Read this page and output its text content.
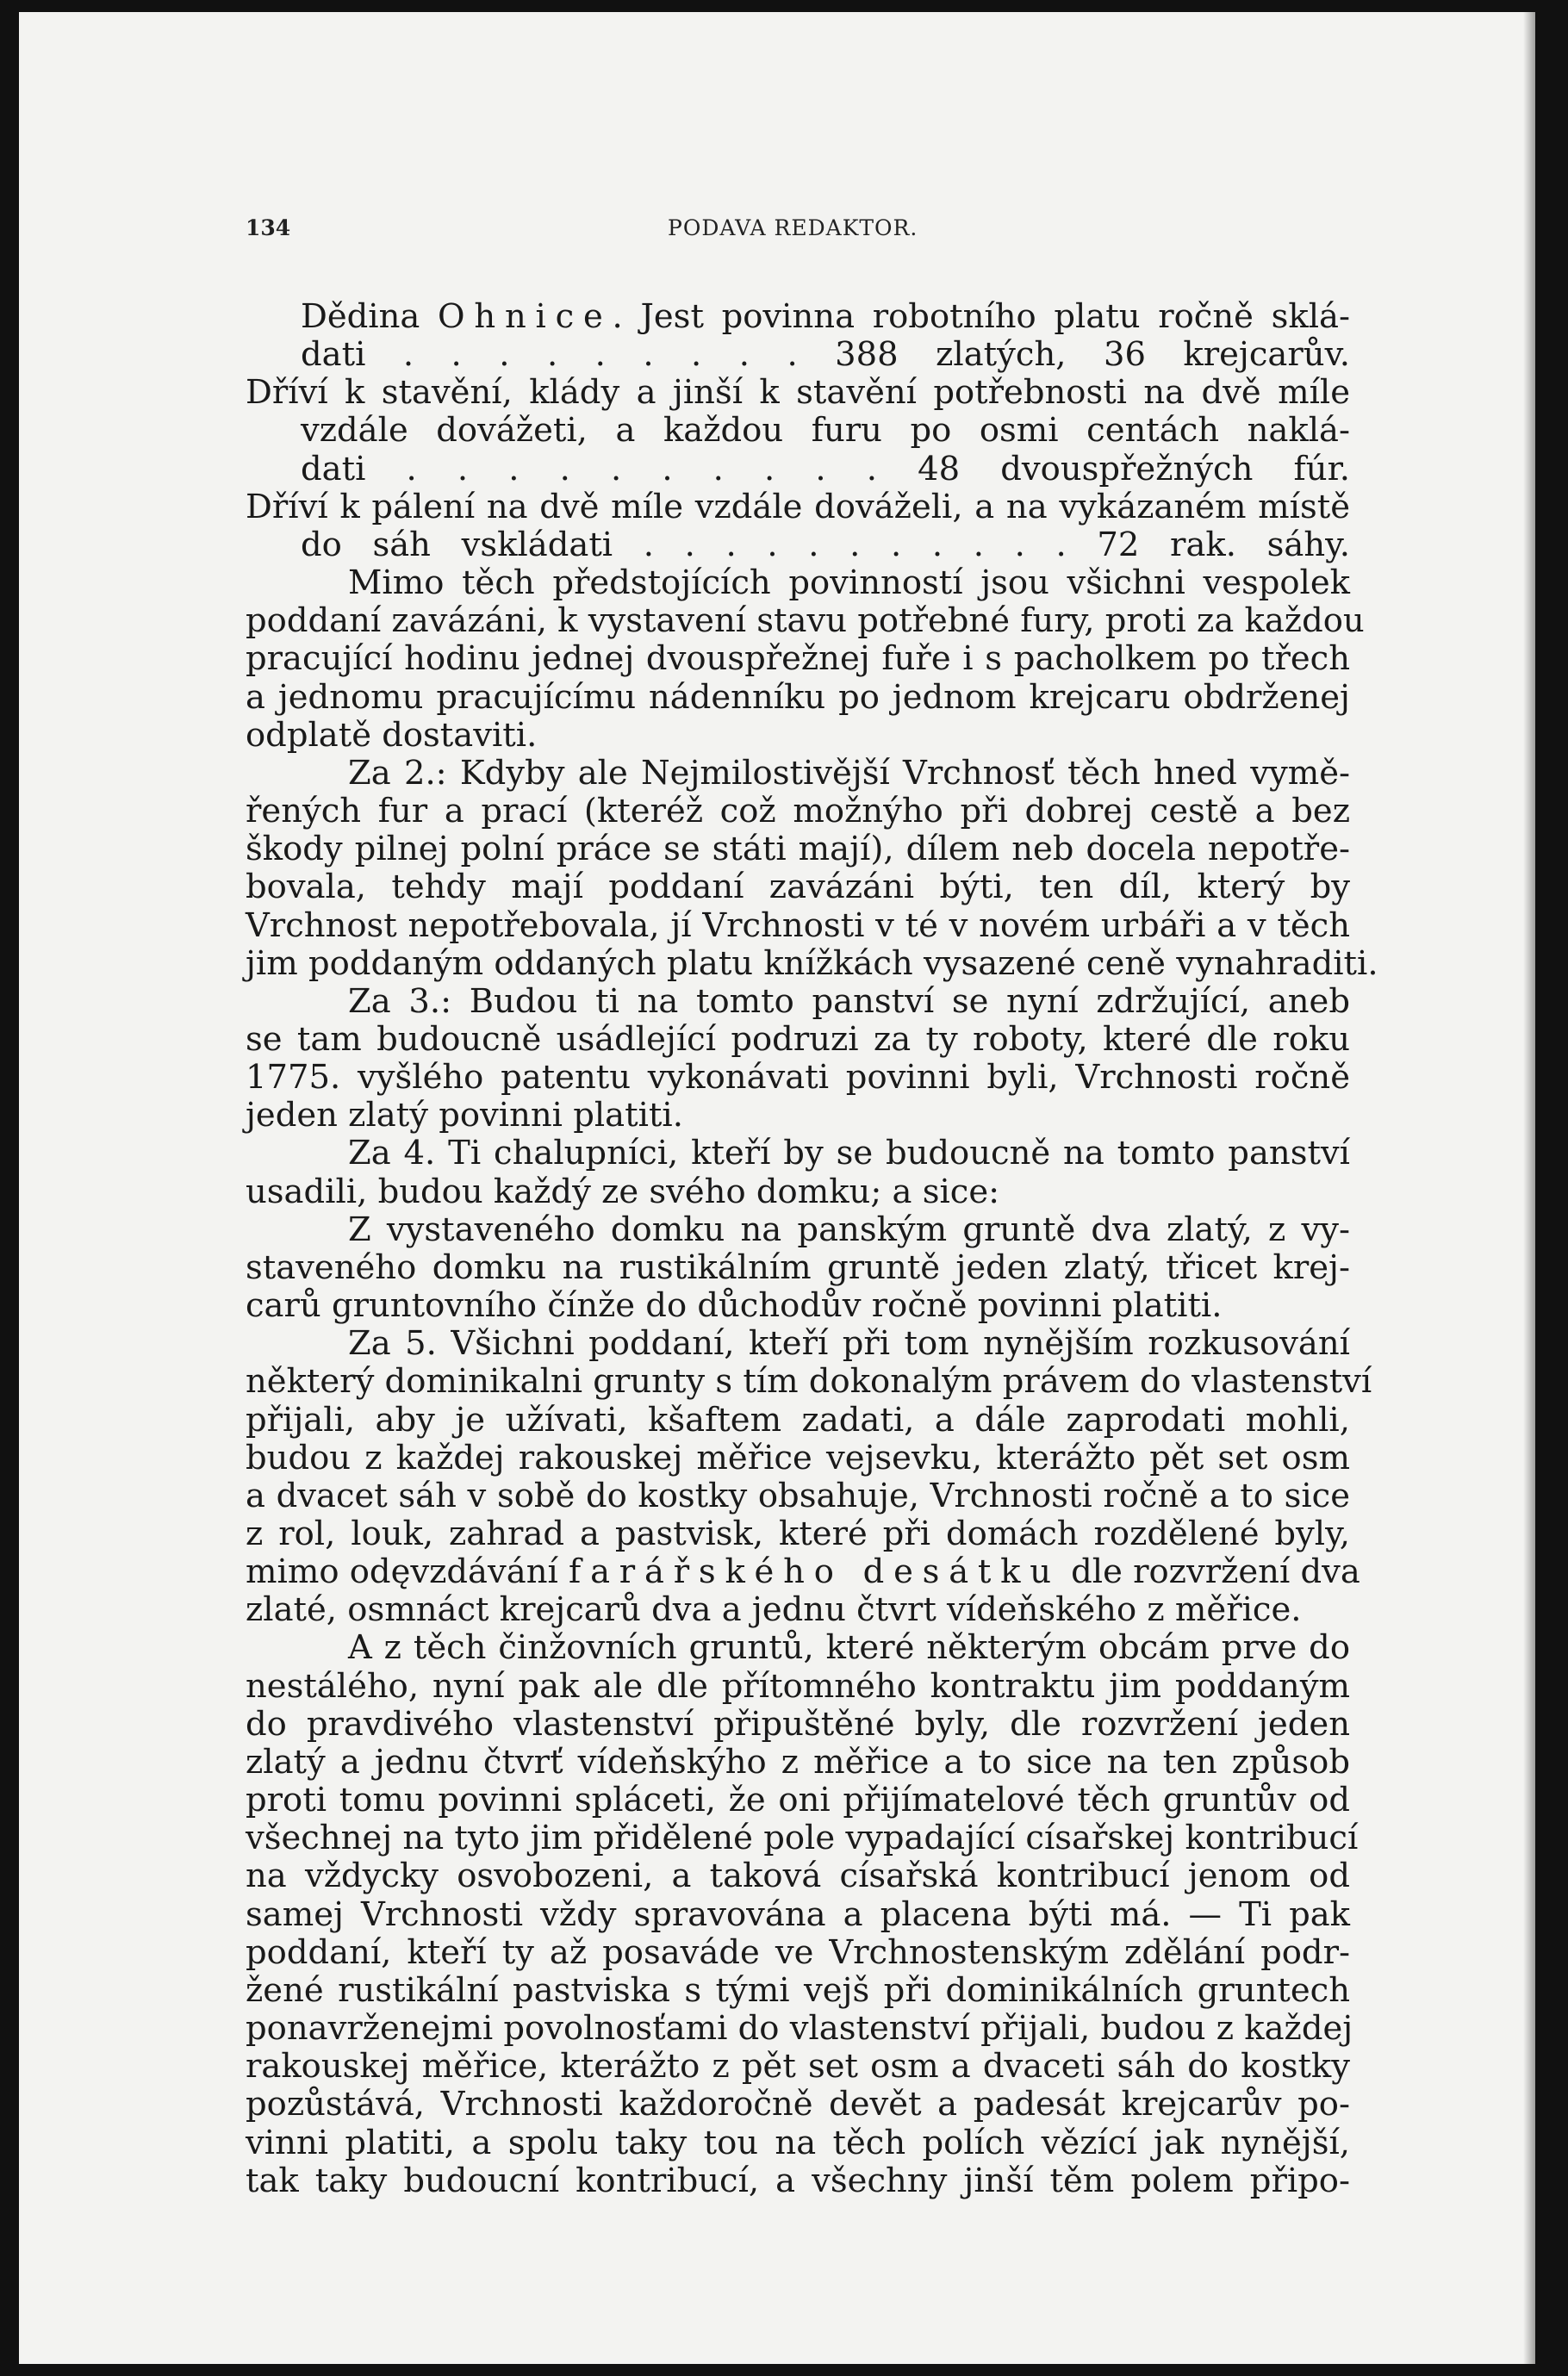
134	PODAVA REDAKTOR.
Dědina Ohnice. Jest povinna robotního platu ročně sklá-
dati . . . . . . . . . 388 zlatých, 36 krejcarův.
Dříví k stavění, klády a jinší k stavění potřebnosti na dvě míle
vzdále dovážeti, a každou furu po osmi centách naklá-
dati . . . . . . . . . . 48 dvouspřežných fúr.
Dříví k pálení na dvě míle vzdále dováželi, a na vykázaném místě
do sáh vskládati . . . . . . . . . . . 72 rak. sáhy.
Mimo těch předstojících povinností jsou všichni vespolek
poddaní zavázáni, k vystavení stavu potřebné fury, proti za každou
pracující hodinu jednej dvouspřežnej fuře i s pacholkem po třech
a jednomu pracujícímu nádenníku po jednom krejcaru obdrženej
odplatě dostaviti.
Za 2.: Kdyby ale Nejmilostivější Vrchnosť těch hned vymě-
řených fur a prací (kteréž což možnýho při dobrej cestě a bez
škody pilnej polní práce se státi mají), dílem neb docela nepotře-
bovala, tehdy mají poddaní zavázáni býti, ten díl, který by
Vrchnost nepotřebovala, jí Vrchnosti v té v novém urbáři a v těch
jim poddaným oddaných platu knížkách vysazené ceně vynahraditi.
Za 3.: Budou ti na tomto panství se nyní zdržující, aneb
se tam budoucně usádlející podruzi za ty roboty, které dle roku
1775. vyšlého patentu vykonávati povinni byli, Vrchnosti ročně
jeden zlatý povinni platiti.
Za 4. Ti chalupníci, kteří by se budoucně na tomto panství
usadili, budou každý ze svého domku; a sice:
Z vystaveného domku na panským gruntě dva zlatý, z vy-
staveného domku na rustikálním gruntě jeden zlatý, třicet krej-
carů gruntovního čínže do důchodův ročně povinni platiti.
Za 5. Všichni poddaní, kteří při tom nynějším rozkusování
některý dominikalni grunty s tím dokonalým právem do vlastenství
přijali, aby je užívati, kšaftem zadati, a dále zaprodati mohli,
budou z každej rakouskej měřice vejsevku, kterážto pět set osm
a dvacet sáh v sobě do kostky obsahuje, Vrchnosti ročně a to sice
z rol, louk, zahrad a pastvisk, které při domách rozdělené byly,
mimo odęvzdávání farářského desátku dle rozvržení dva
zlaté, osmnáct krejcarů dva a jednu čtvrt vídeňského z měřice.
A z těch činžovních gruntů, které některým obcám prve do
nestálého, nyní pak ale dle přítomného kontraktu jim poddaným
do pravdivého vlastenství připuštěné byly, dle rozvržení jeden
zlatý a jednu čtvrť vídeňskýho z měřice a to sice na ten způsob
proti tomu povinni spláceti, že oni přijímatelové těch gruntův od
všechnej na tyto jim přidělené pole vypadající císařskej kontribucí
na vždycky osvobozeni, a taková císařská kontribucí jenom od
samej Vrchnosti vždy spravována a placena býti má. — Ti pak
poddaní, kteří ty až posaváde ve Vrchnostenským zdělání podr-
žené rustikální pastviska s tými vejš při dominikálních gruntech
ponavrženejmi povolnosťami do vlastenství přijali, budou z každej
rakouskej měřice, kterážto z pět set osm a dvaceti sáh do kostky
pozůstává, Vrchnosti každoročně devět a padesát krejcarův po-
vinni platiti, a spolu taky tou na těch polích vězící jak nynější,
tak taky budoucní kontribucí, a všechny jinší těm polem připo-
